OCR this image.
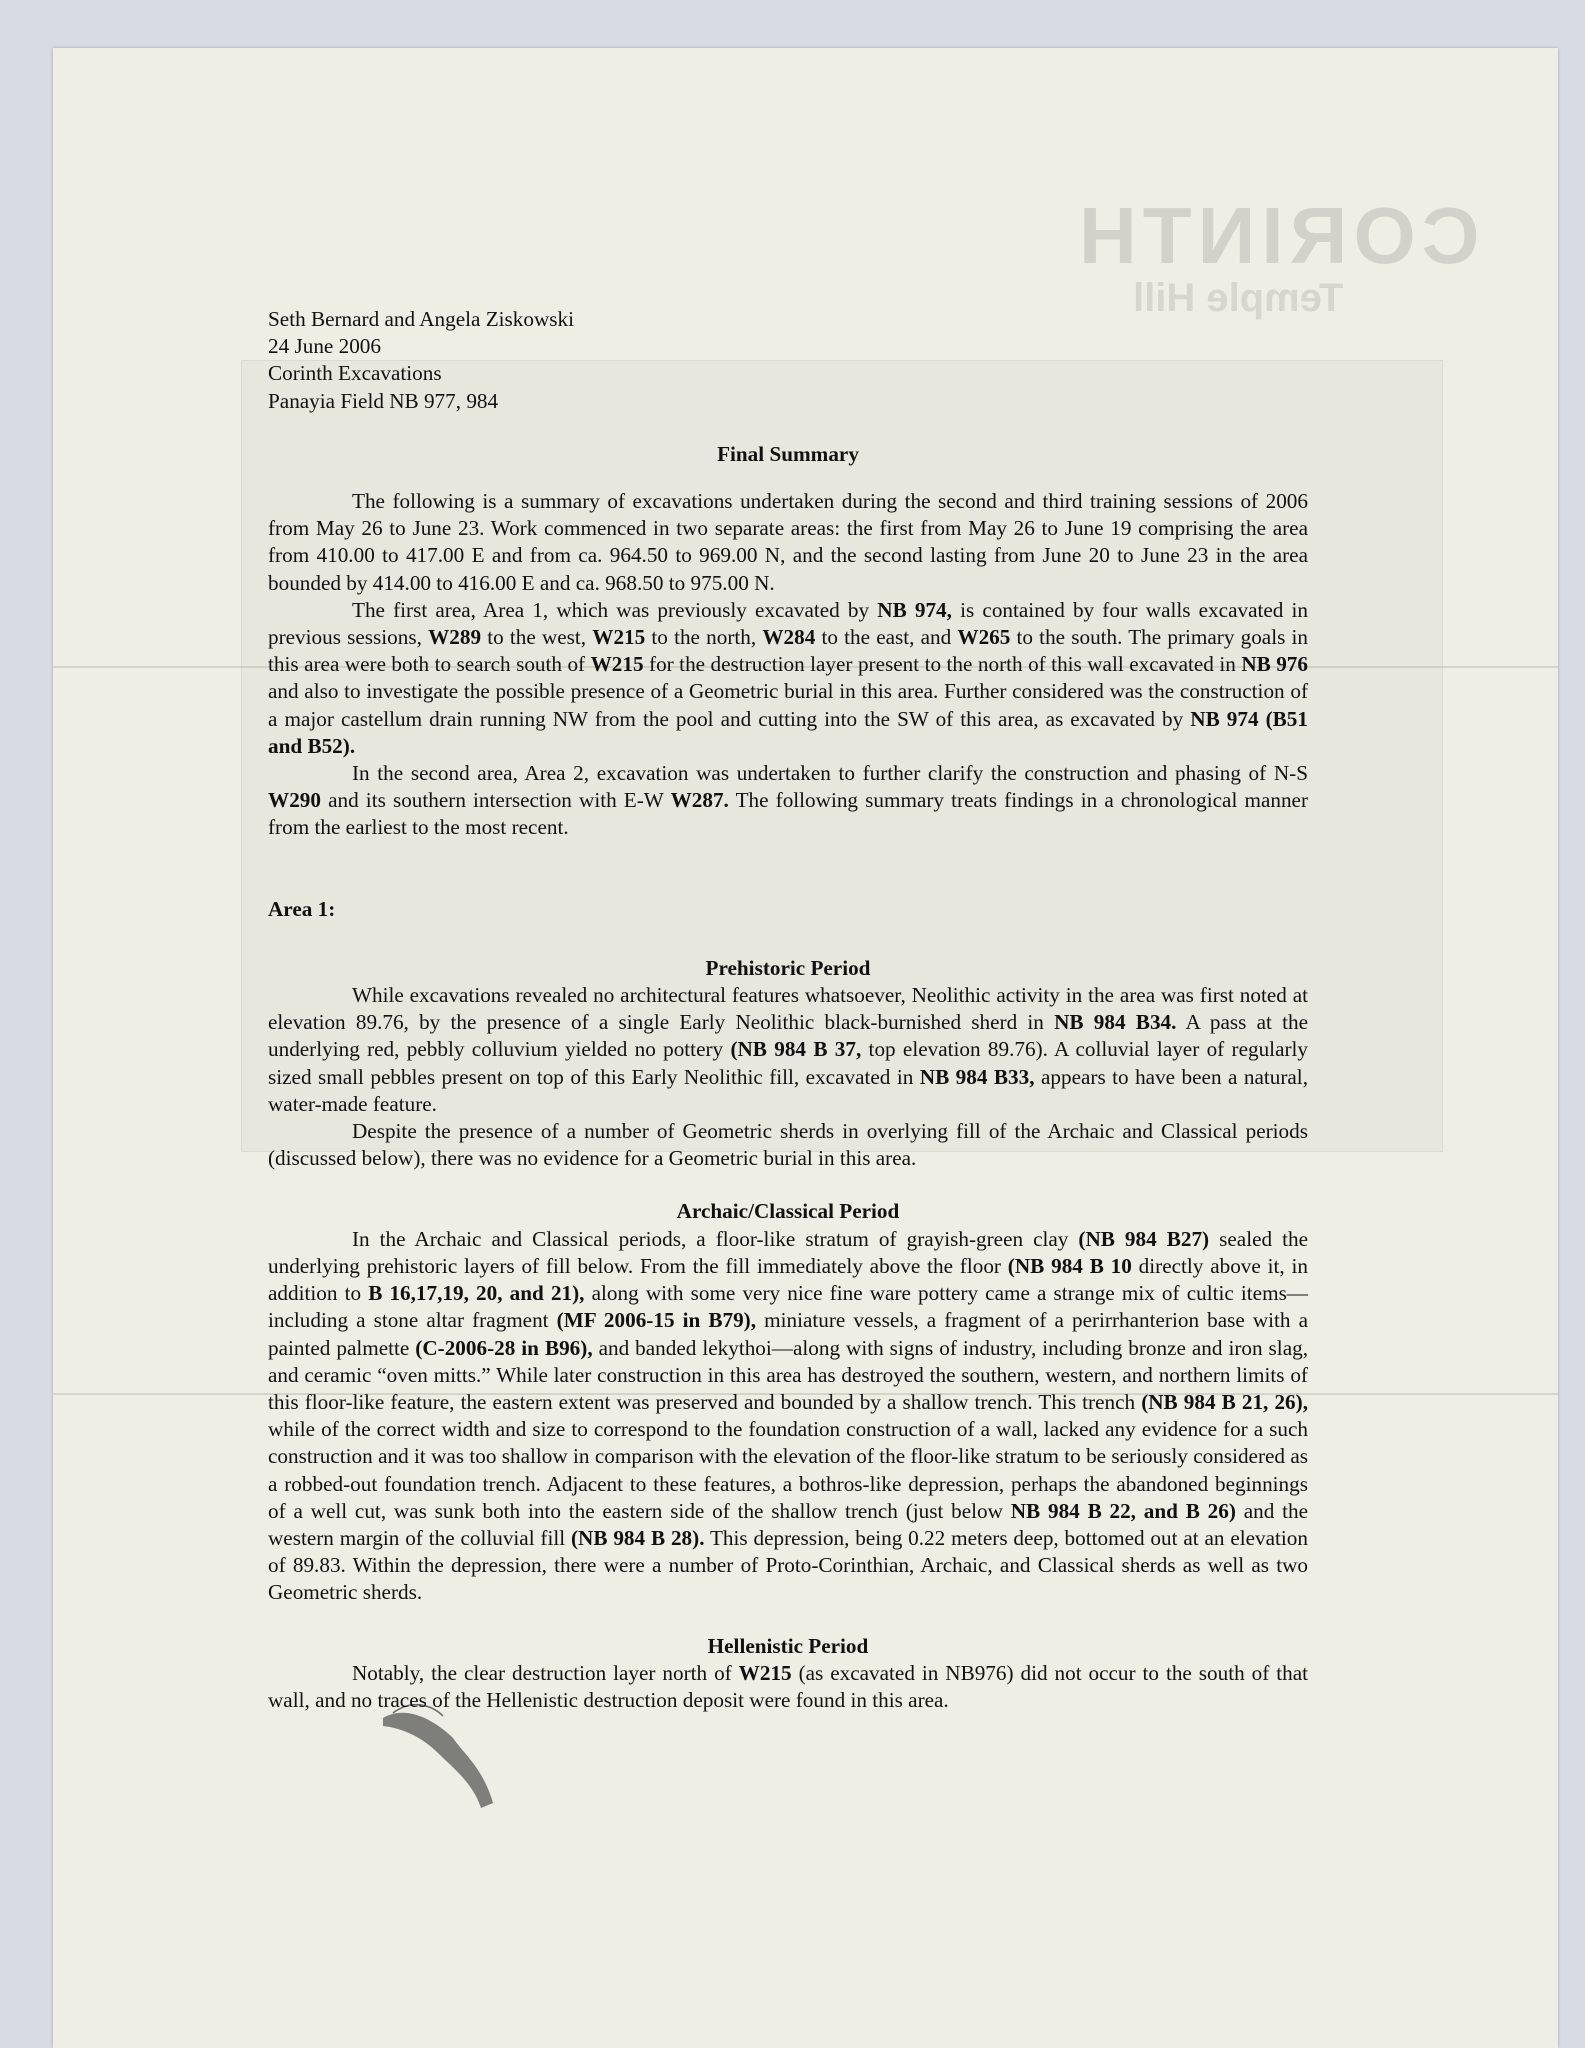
CORINTH
Temple Hill
Seth Bernard and Angela Ziskowski
24 June 2006
Corinth Excavations
Panayia Field NB 977, 984
Final Summary

The following is a summary of excavations undertaken during the second and third training sessions of 2006 from May 26 to June 23. Work commenced in two separate areas: the first from May 26 to June 19 comprising the area from 410.00 to 417.00 E and from ca. 964.50 to 969.00 N, and the second lasting from June 20 to June 23 in the area bounded by 414.00 to 416.00 E and ca. 968.50 to 975.00 N.

The first area, Area 1, which was previously excavated by NB 974, is contained by four walls excavated in previous sessions, W289 to the west, W215 to the north, W284 to the east, and W265 to the south. The primary goals in this area were both to search south of W215 for the destruction layer present to the north of this wall excavated in NB 976 and also to investigate the possible presence of a Geometric burial in this area. Further considered was the construction of a major castellum drain running NW from the pool and cutting into the SW of this area, as excavated by NB 974 (B51 and B52).

In the second area, Area 2, excavation was undertaken to further clarify the construction and phasing of N-S W290 and its southern intersection with E-W W287. The following summary treats findings in a chronological manner from the earliest to the most recent.

Area 1:
Prehistoric Period

While excavations revealed no architectural features whatsoever, Neolithic activity in the area was first noted at elevation 89.76, by the presence of a single Early Neolithic black-burnished sherd in NB 984 B34. A pass at the underlying red, pebbly colluvium yielded no pottery (NB 984 B 37, top elevation 89.76). A colluvial layer of regularly sized small pebbles present on top of this Early Neolithic fill, excavated in NB 984 B33, appears to have been a natural, water-made feature.

Despite the presence of a number of Geometric sherds in overlying fill of the Archaic and Classical periods (discussed below), there was no evidence for a Geometric burial in this area.

Archaic/Classical Period

In the Archaic and Classical periods, a floor-like stratum of grayish-green clay (NB 984 B27) sealed the underlying prehistoric layers of fill below. From the fill immediately above the floor (NB 984 B 10 directly above it, in addition to B 16,17,19, 20, and 21), along with some very nice fine ware pottery came a strange mix of cultic items—including a stone altar fragment (MF 2006-15 in B79), miniature vessels, a fragment of a perirrhanterion base with a painted palmette (C-2006-28 in B96), and banded lekythoi—along with signs of industry, including bronze and iron slag, and ceramic “oven mitts.” While later construction in this area has destroyed the southern, western, and northern limits of this floor-like feature, the eastern extent was preserved and bounded by a shallow trench. This trench (NB 984 B 21, 26), while of the correct width and size to correspond to the foundation construction of a wall, lacked any evidence for a such construction and it was too shallow in comparison with the elevation of the floor-like stratum to be seriously considered as a robbed-out foundation trench. Adjacent to these features, a bothros-like depression, perhaps the abandoned beginnings of a well cut, was sunk both into the eastern side of the shallow trench (just below NB 984 B 22, and B 26) and the western margin of the colluvial fill (NB 984 B 28). This depression, being 0.22 meters deep, bottomed out at an elevation of 89.83. Within the depression, there were a number of Proto-Corinthian, Archaic, and Classical sherds as well as two Geometric sherds.

Hellenistic Period

Notably, the clear destruction layer north of W215 (as excavated in NB976) did not occur to the south of that wall, and no traces of the Hellenistic destruction deposit were found in this area.
